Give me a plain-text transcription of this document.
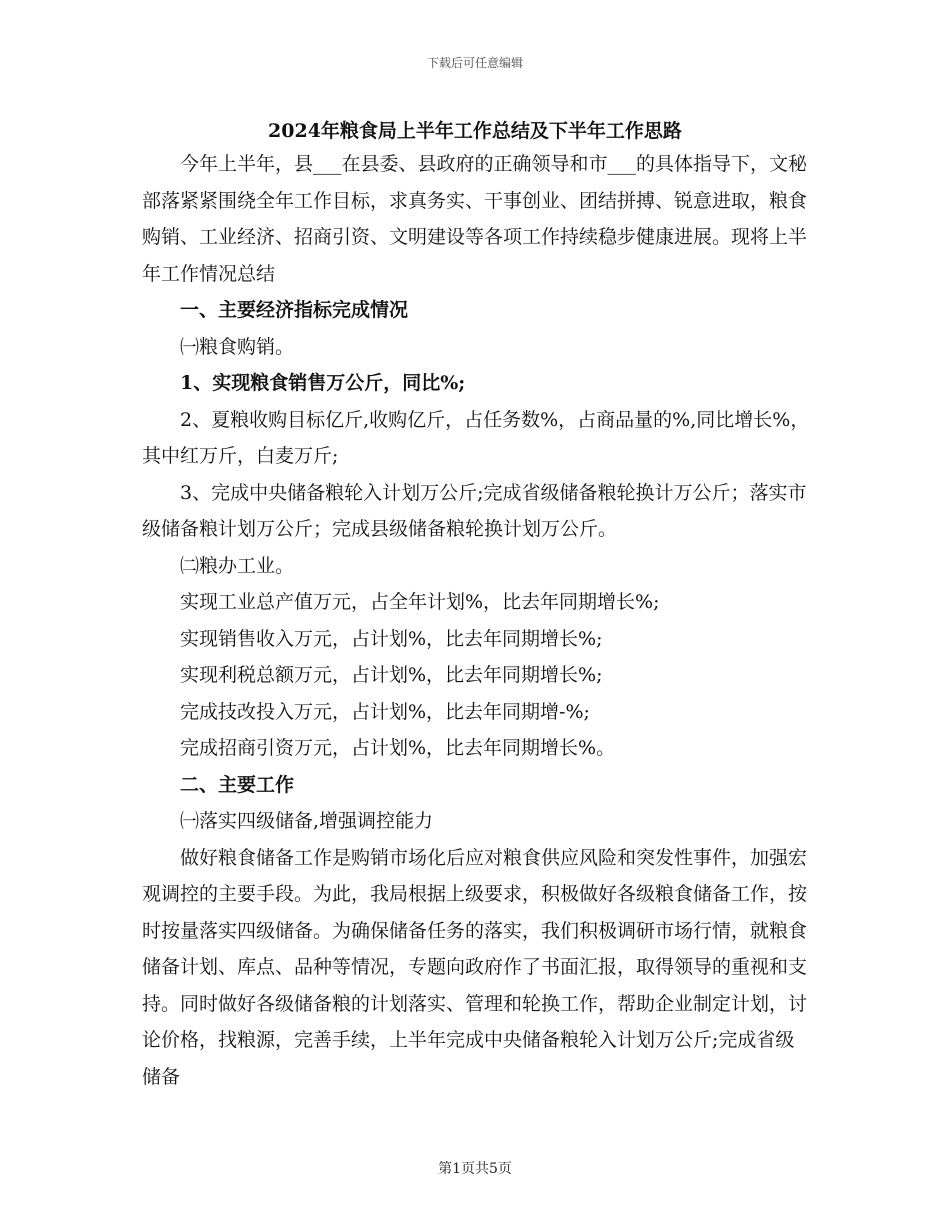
下载后可任意编辑
2024年粮食局上半年工作总结及下半年工作思路

今年上半年，县___在县委、县政府的正确领导和市___的具体指导下，文秘部落紧紧围绕全年工作目标，求真务实、干事创业、团结拼搏、锐意进取，粮食购销、工业经济、招商引资、文明建设等各项工作持续稳步健康进展。现将上半年工作情况总结

一、主要经济指标完成情况

㈠粮食购销。

1、实现粮食销售万公斤，同比%;

2、夏粮收购目标亿斤,收购亿斤，占任务数%，占商品量的%,同比增长%，其中红万斤，白麦万斤;

3、完成中央储备粮轮入计划万公斤;完成省级储备粮轮换计万公斤；落实市级储备粮计划万公斤；完成县级储备粮轮换计划万公斤。

㈡粮办工业。

实现工业总产值万元，占全年计划%，比去年同期增长%;

实现销售收入万元，占计划%，比去年同期增长%;

实现利税总额万元，占计划%，比去年同期增长%;

完成技改投入万元，占计划%，比去年同期增-%;

完成招商引资万元，占计划%，比去年同期增长%。

二、主要工作

㈠落实四级储备,增强调控能力

做好粮食储备工作是购销市场化后应对粮食供应风险和突发性事件，加强宏观调控的主要手段。为此，我局根据上级要求，积极做好各级粮食储备工作，按时按量落实四级储备。为确保储备任务的落实，我们积极调研市场行情，就粮食储备计划、库点、品种等情况，专题向政府作了书面汇报，取得领导的重视和支持。同时做好各级储备粮的计划落实、管理和轮换工作，帮助企业制定计划，讨论价格，找粮源，完善手续，上半年完成中央储备粮轮入计划万公斤;完成省级储备

第1页共5页
